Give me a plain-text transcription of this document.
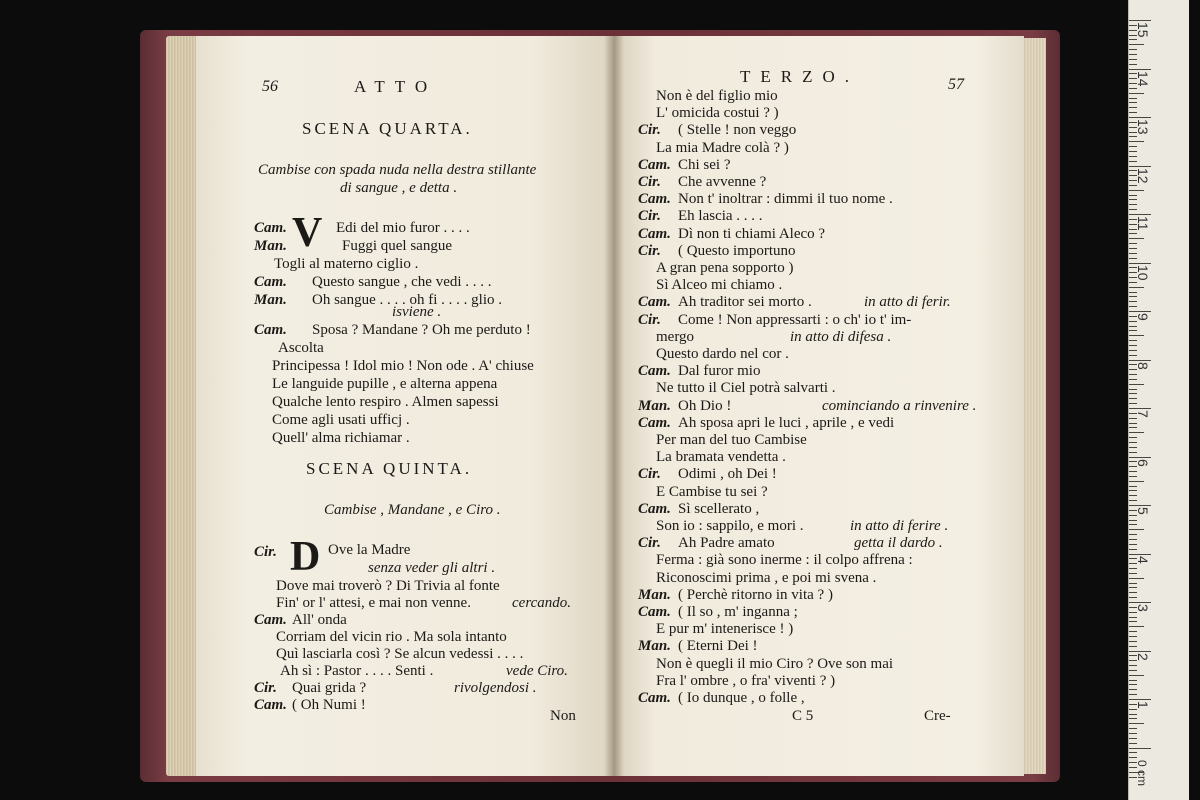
56	ATTO
SCENA QUARTA.
Cambise con spada nuda nella destra stillante
di sangue , e detta .
V
Cam.	Edi del mio furor . . . .
Man.	Fuggi quel sangue
Togli al materno ciglio .
Cam. Questo sangue , che vedi . . . .
Man. Oh sangue . . . . oh fi . . . . glio .
isviene .
Cam. Sposa ? Mandane ? Oh me perduto !
Ascolta
Principessa ! Idol mio ! Non ode . A' chiuse
Le languide pupille , e alterna appena
Qualche lento respiro . Almen sapessi
Come agli usati ufficj .
Quell' alma richiamar .
SCENA QUINTA.
Cambise , Mandane , e Ciro .
Cir. D Ove la Madre
senza veder gli altri .
Dove mai troverò ? Di Trivia al fonte
Fin' or l' attesi, e mai non venne.	cercando.
Cam. All' onda
Corriam del vicin rio . Ma sola intanto
Quì lasciarla così ? Se alcun vedessi . . . .
Ah sì : Pastor . . . . Senti .	vede Ciro.
Cir. Quai grida ?	rivolgendosi .
Cam. ( Oh Numi !
Non
TERZO.	57
Non è del figlio mio
L' omicida costui ? )
Cir. ( Stelle ! non veggo
La mia Madre colà ? )
Cam. Chi sei ?
Cir. Che avvenne ?
Cam. Non t' inoltrar : dimmi il tuo nome .
Cir. Eh lascia . . . .
Cam. Dì non ti chiami Aleco ?
Cir. ( Questo importuno
A gran pena sopporto )
Sì Alceo mi chiamo .
Cam. Ah traditor sei morto .	in atto di ferir.
Cir. Come ! Non appressarti : o ch' io t' im-
mergo	in atto di difesa .
Questo dardo nel cor .
Cam. Dal furor mio
Ne tutto il Ciel potrà salvarti .
Man. Oh Dio !	cominciando a rinvenire .
Cam. Ah sposa apri le luci , aprile , e vedi
Per man del tuo Cambise
La bramata vendetta .
Cir. Odimi , oh Dei !
E Cambise tu sei ?
Cam. Sì scellerato ,
Son io : sappilo, e mori .	in atto di ferire .
Cir. Ah Padre amato	getta il dardo .
Ferma : già sono inerme : il colpo affrena :
Riconoscimi prima , e poi mi svena .
Man. ( Perchè ritorno in vita ? )
Cam. ( Il so , m' inganna ;
E pur m' intenerisce ! )
Man. ( Eterni Dei !
Non è quegli il mio Ciro ? Ove son mai
Fra l' ombre , o fra' viventi ? )
Cam. ( Io dunque , o folle ,
C 5	Cre-
15
14
13
12
11
10
9
8
7
6
5
4
3
2
1
0 cm
